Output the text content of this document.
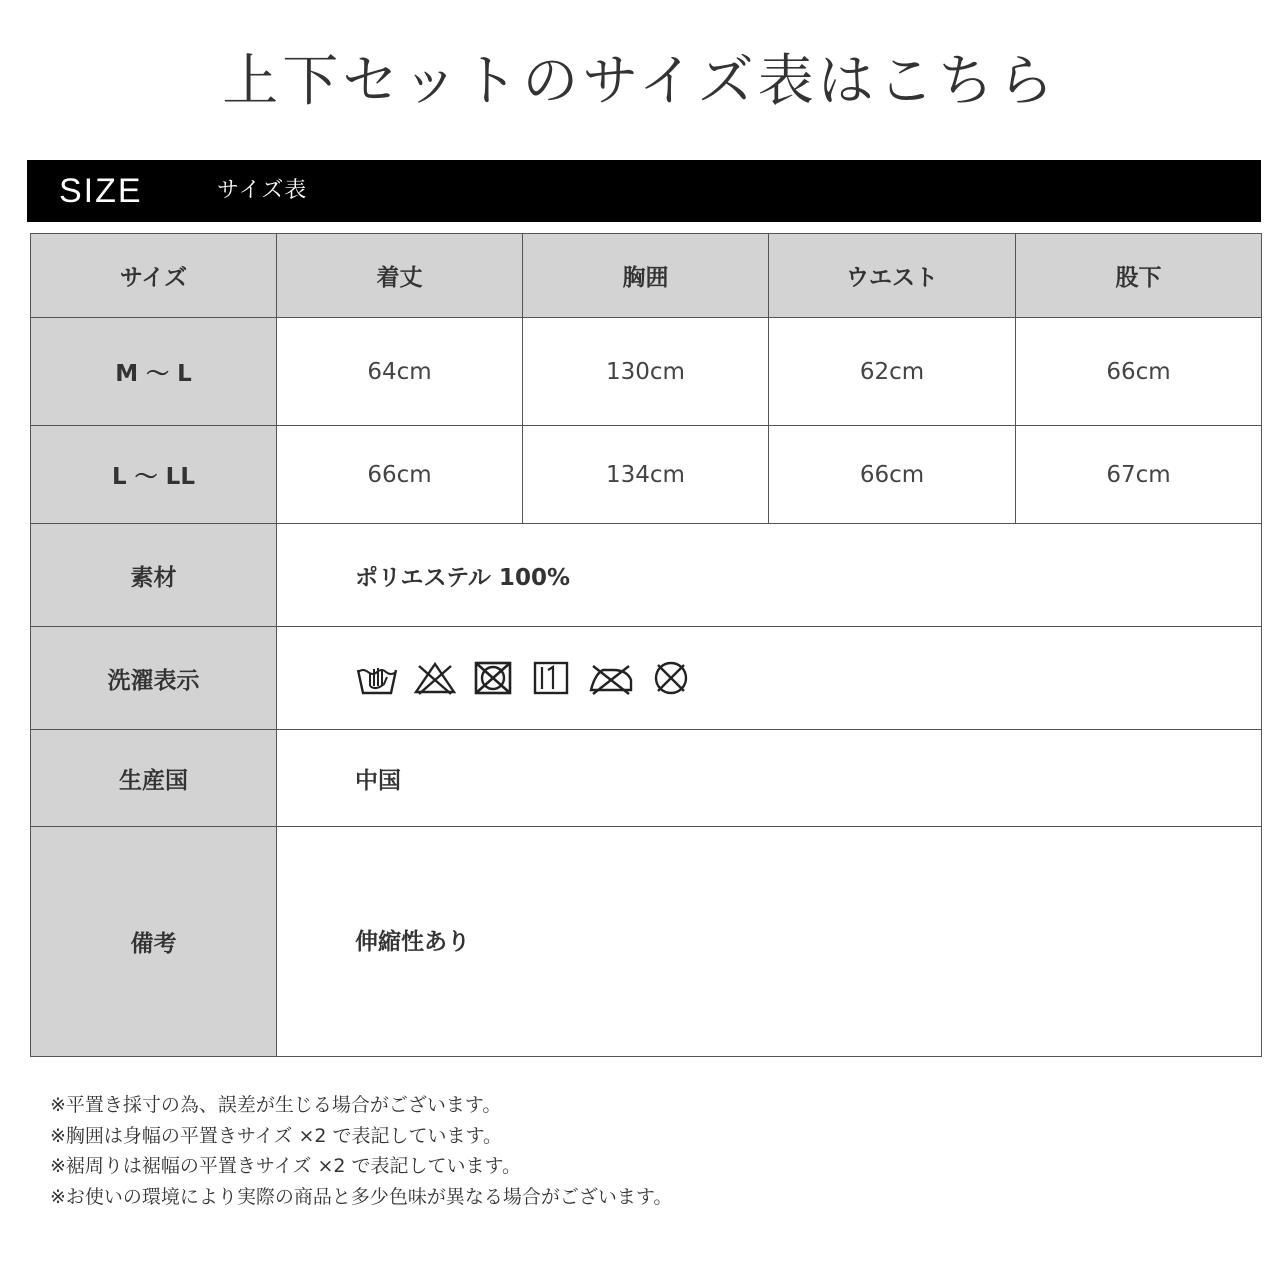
上下セットのサイズ表はこちら
SIZE	サイズ表
サイズ	着丈	胸囲	ウエスト	股下
M 〜 L	64cm	130cm	62cm	66cm
L 〜 LL	66cm	134cm	66cm	67cm
素材	ポリエステル 100%			
洗濯表示	

生産国	中国			
備考	伸縮性あり			
※平置き採寸の為、誤差が生じる場合がございます。
※胸囲は身幅の平置きサイズ ×2 で表記しています。
※裾周りは裾幅の平置きサイズ ×2 で表記しています。
※お使いの環境により実際の商品と多少色味が異なる場合がございます。
